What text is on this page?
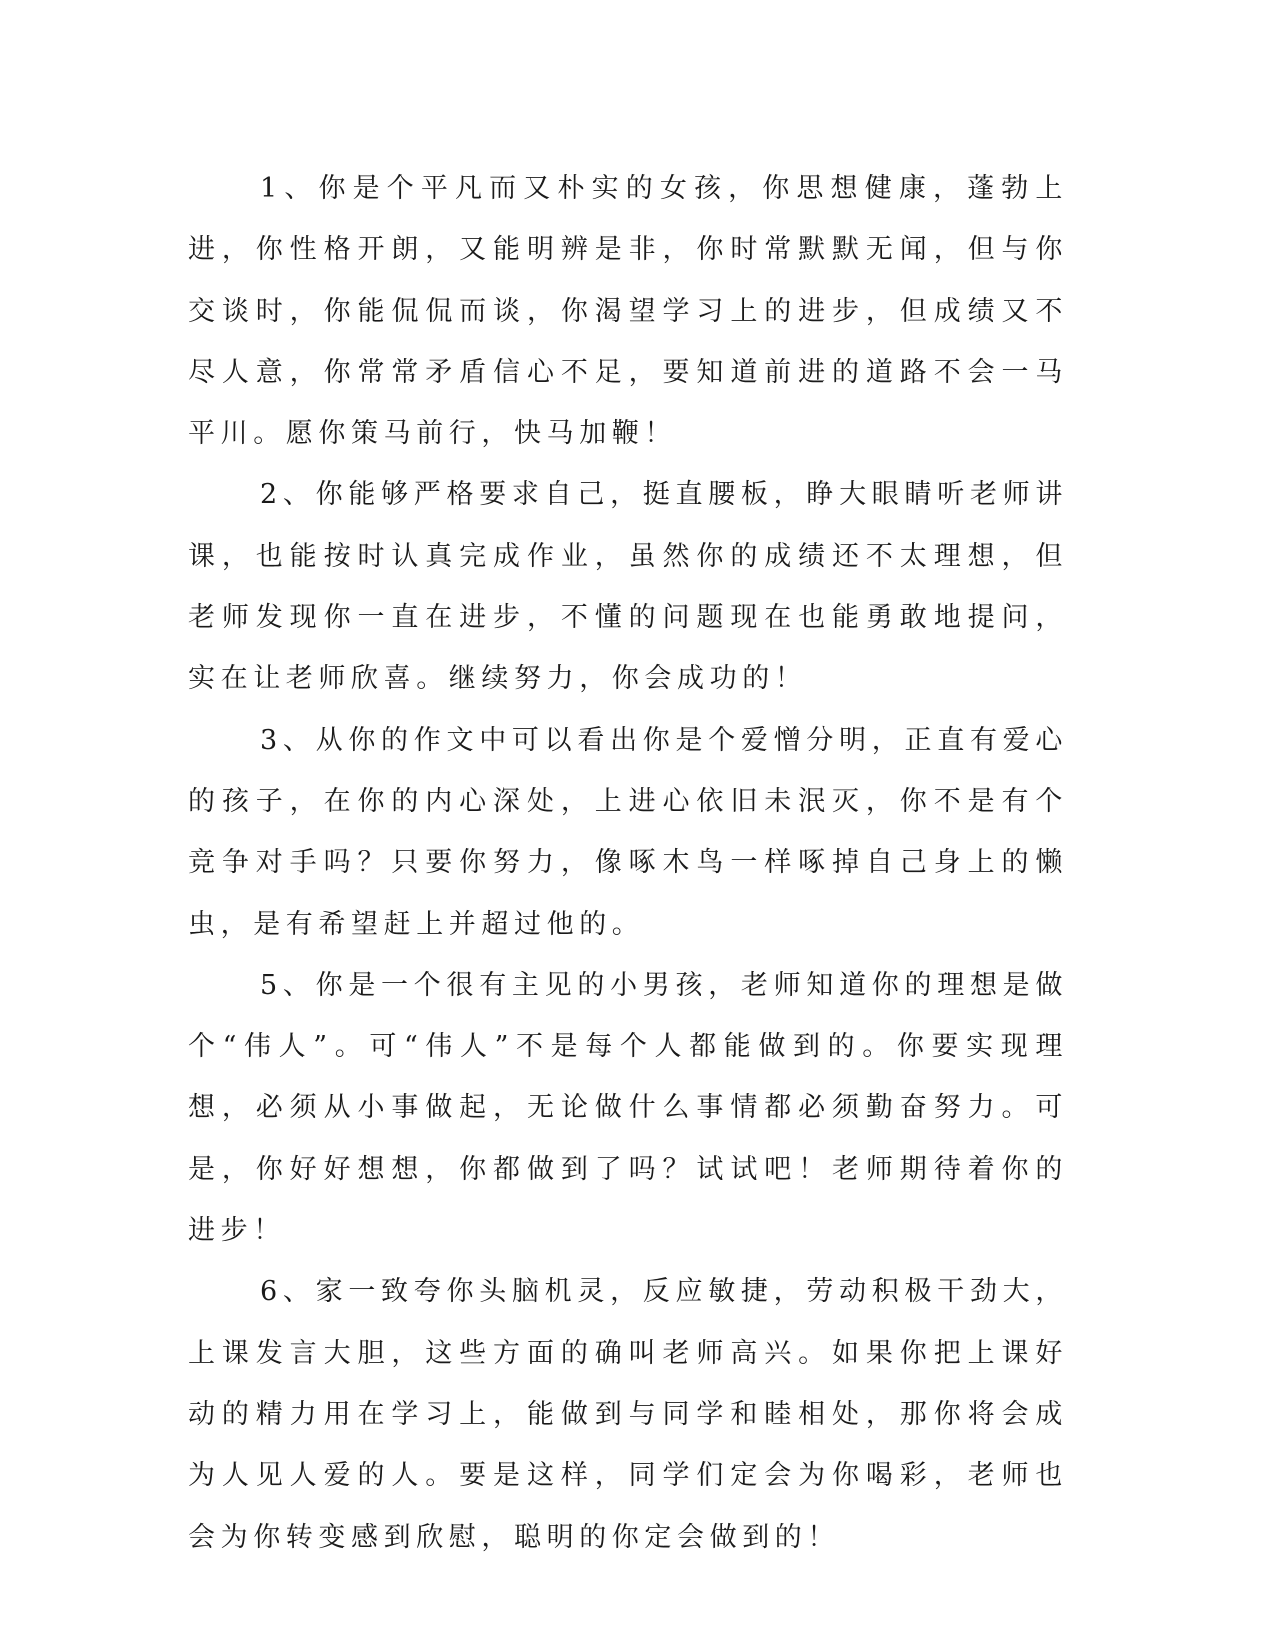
1、你是个平凡而又朴实的女孩，你思想健康，蓬勃上进，你性格开朗，又能明辨是非，你时常默默无闻，但与你交谈时，你能侃侃而谈，你渴望学习上的进步，但成绩又不尽人意，你常常矛盾信心不足，要知道前进的道路不会一马平川。愿你策马前行，快马加鞭！

2、你能够严格要求自己，挺直腰板，睁大眼睛听老师讲课，也能按时认真完成作业，虽然你的成绩还不太理想，但老师发现你一直在进步，不懂的问题现在也能勇敢地提问，实在让老师欣喜。继续努力，你会成功的！

3、从你的作文中可以看出你是个爱憎分明，正直有爱心的孩子，在你的内心深处，上进心依旧未泯灭，你不是有个竞争对手吗？只要你努力，像啄木鸟一样啄掉自己身上的懒虫，是有希望赶上并超过他的。

5、你是一个很有主见的小男孩，老师知道你的理想是做个“伟人”。可“伟人”不是每个人都能做到的。你要实现理想，必须从小事做起，无论做什么事情都必须勤奋努力。可是，你好好想想，你都做到了吗？试试吧！老师期待着你的进步！

6、家一致夸你头脑机灵，反应敏捷，劳动积极干劲大，上课发言大胆，这些方面的确叫老师高兴。如果你把上课好动的精力用在学习上，能做到与同学和睦相处，那你将会成为人见人爱的人。要是这样，同学们定会为你喝彩，老师也会为你转变感到欣慰，聪明的你定会做到的！
